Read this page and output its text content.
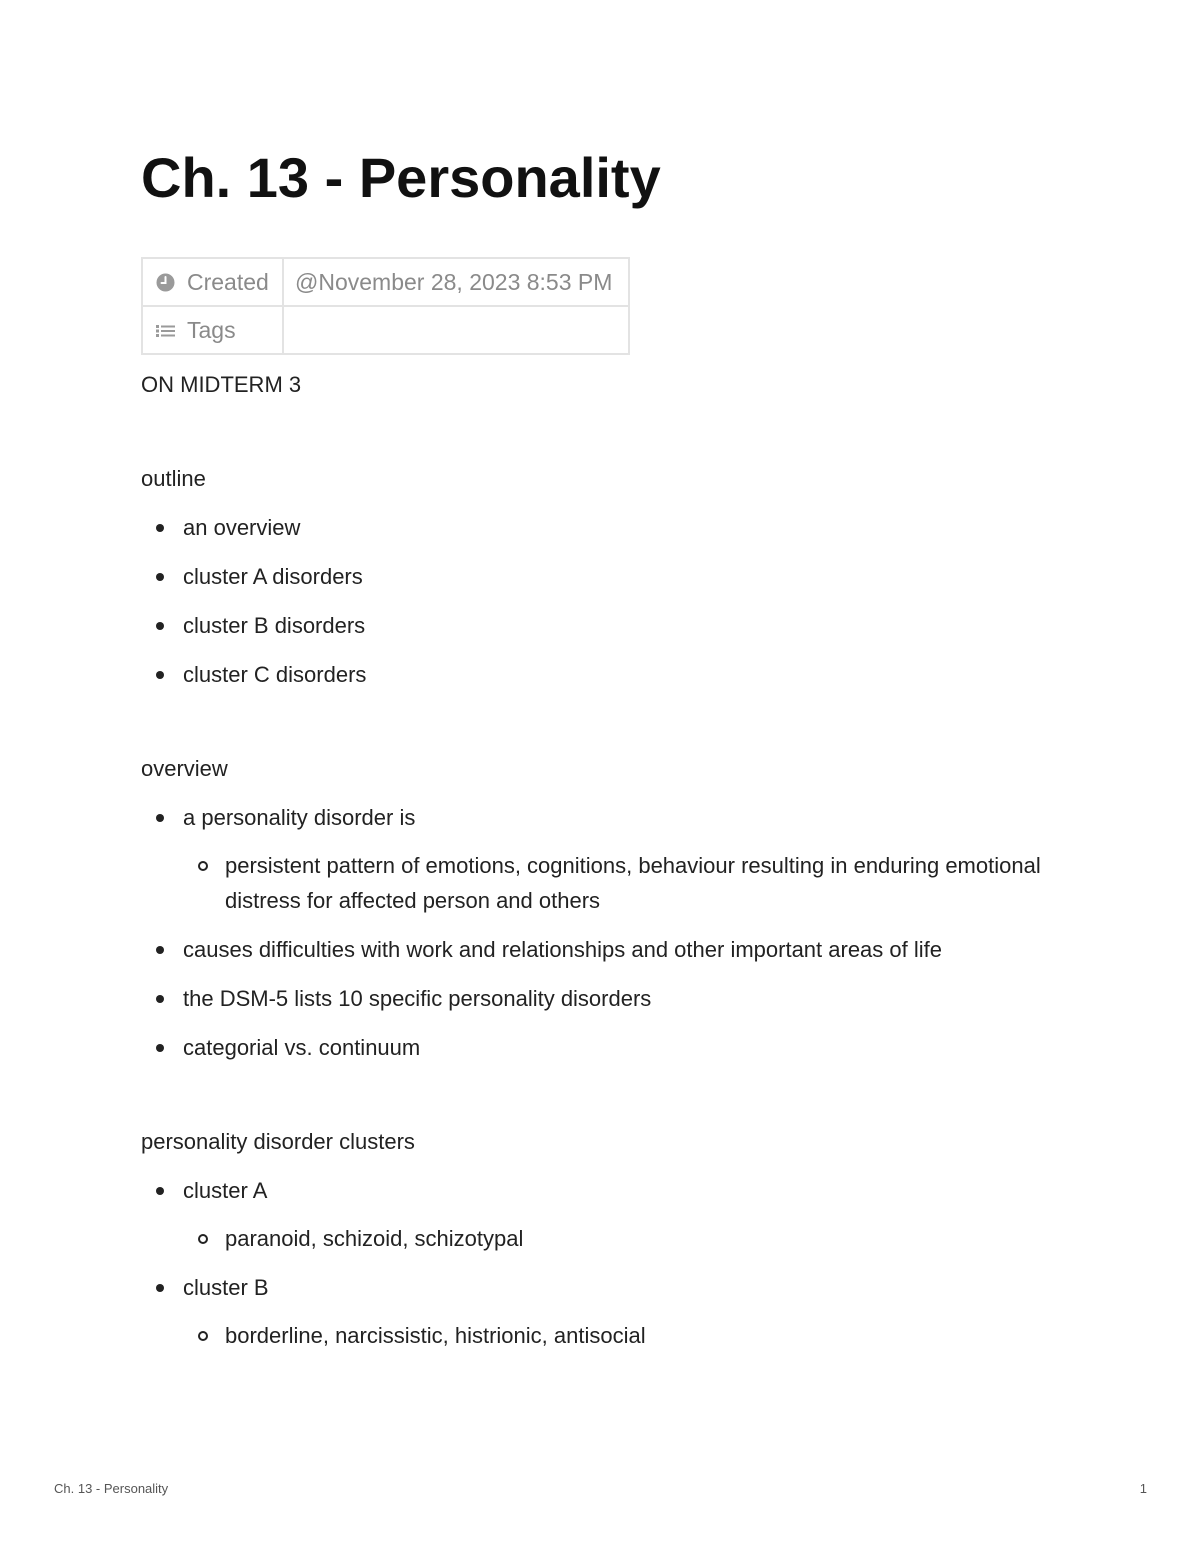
Ch. 13 - Personality
Created	@November 28, 2023 8:53 PM

Tags	

ON MIDTERM 3

outline

an overview
cluster A disorders
cluster B disorders
cluster C disorders

overview

a personality disorder is
persistent pattern of emotions, cognitions, behaviour resulting in enduring emotional distress for affected person and others
causes difficulties with work and relationships and other important areas of life
the DSM-5 lists 10 specific personality disorders
categorial vs. continuum

personality disorder clusters

cluster A
paranoid, schizoid, schizotypal
cluster B
borderline, narcissistic, histrionic, antisocial
Ch. 13 - Personality	1
